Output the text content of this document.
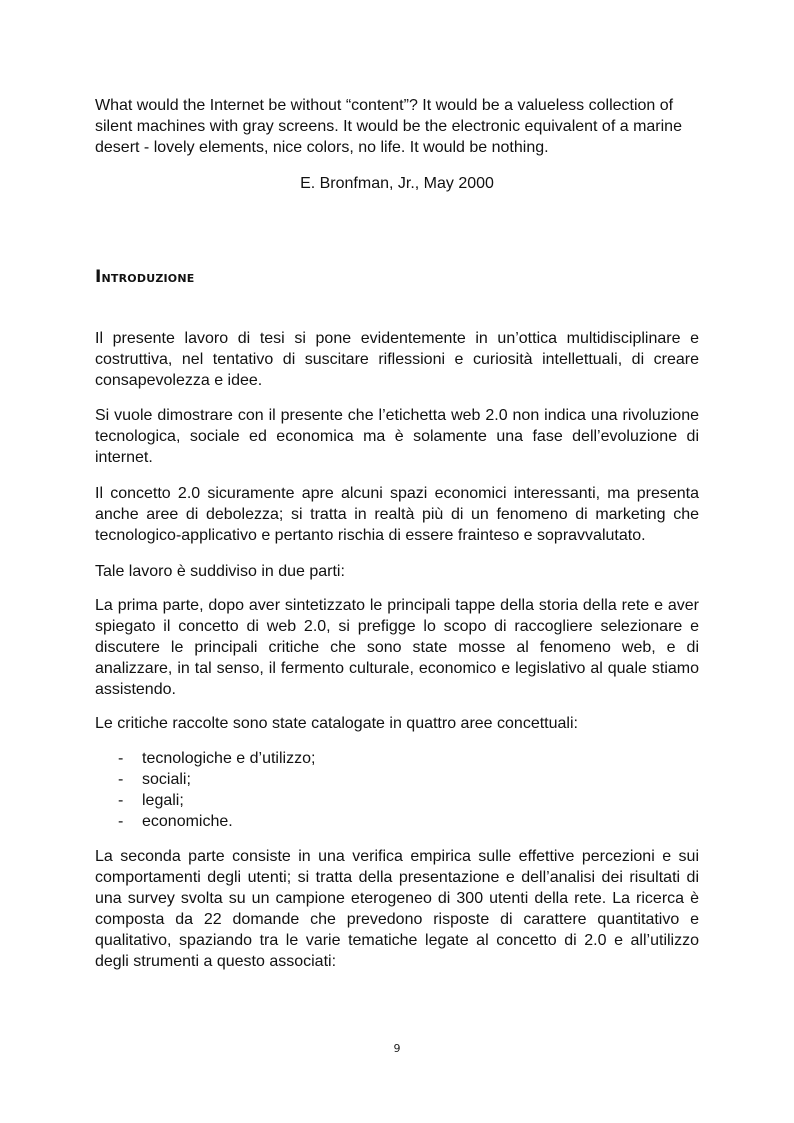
What would the Internet be without “content”? It would be a valueless collection of silent machines with gray screens. It would be the electronic equivalent of a marine desert - lovely elements, nice colors, no life. It would be nothing.
E. Bronfman, Jr., May 2000
Introduzione
Il presente lavoro di tesi si pone evidentemente in un’ottica multidisciplinare e costruttiva, nel tentativo di suscitare riflessioni e curiosità intellettuali, di creare consapevolezza e idee.
Si vuole dimostrare con il presente che l’etichetta web 2.0 non indica una rivoluzione tecnologica, sociale ed economica ma è solamente una fase dell’evoluzione di internet.
Il concetto 2.0 sicuramente apre alcuni spazi economici interessanti, ma presenta anche aree di debolezza; si tratta in realtà più di un fenomeno di marketing che tecnologico-applicativo e pertanto rischia di essere frainteso e sopravvalutato.
Tale lavoro è suddiviso in due parti:
La prima parte, dopo aver sintetizzato le principali tappe della storia della rete e aver spiegato il concetto di web 2.0, si prefigge lo scopo di raccogliere selezionare e discutere le principali critiche che sono state mosse al fenomeno web, e di analizzare, in tal senso, il fermento culturale, economico e legislativo al quale stiamo assistendo.
Le critiche raccolte sono state catalogate in quattro aree concettuali:
- tecnologiche e d’utilizzo;
- sociali;
- legali;
- economiche.
La seconda parte consiste in una verifica empirica sulle effettive percezioni e sui comportamenti degli utenti; si tratta della presentazione e dell’analisi dei risultati di una survey svolta su un campione eterogeneo di 300 utenti della rete. La ricerca è composta da 22 domande che prevedono risposte di carattere quantitativo e qualitativo, spaziando tra le varie tematiche legate al concetto di 2.0 e all’utilizzo degli strumenti a questo associati:
9
